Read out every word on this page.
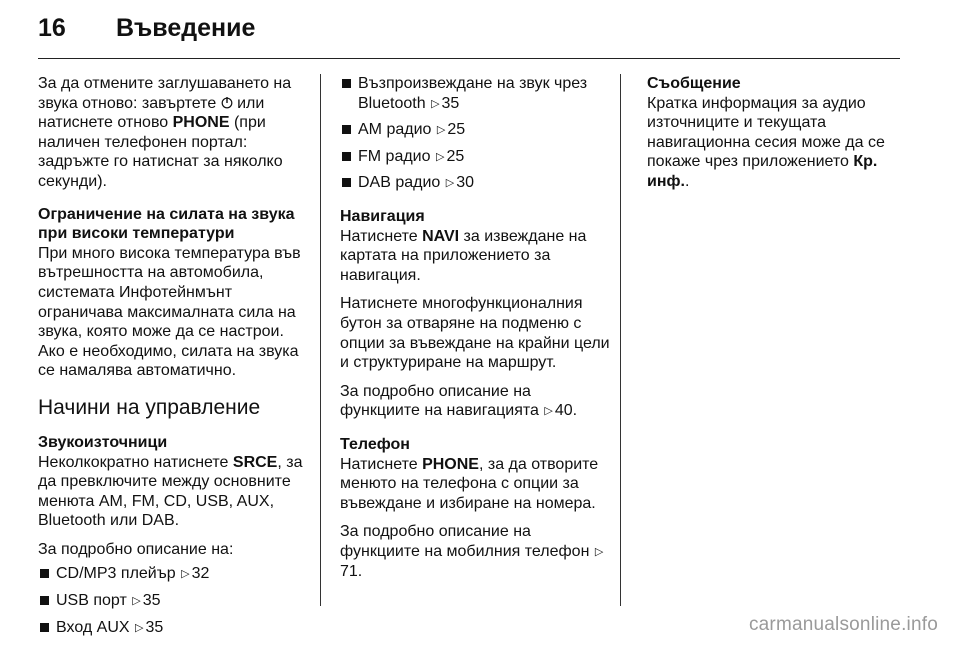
16 Въведение

За да отмените заглушаването на звука отново: завъртете  или натиснете отново PHONE (при наличен телефонен портал: задръжте го натиснат за няколко секунди).

Ограничение на силата на звука при високи температури

При много висока температура във вътрешността на автомобила, системата Инфотейнмънт ограничава максималната сила на звука, която може да се настрои. Ако е необходимо, силата на звука се намалява автоматично.

Начини на управление

Звукоизточници

Неколкократно натиснете SRCE, за да превключите между основните менюта AM, FM, CD, USB, AUX, Bluetooth или DAB.

За подробно описание на:

CD/MP3 плейър ▷ 32
USB порт ▷ 35
Вход AUX ▷ 35
Възпроизвеждане на звук чрез Bluetooth ▷ 35
AM радио ▷ 25
FM радио ▷ 25
DAB радио ▷ 30

Навигация

Натиснете NAVI за извеждане на картата на приложението за навигация.

Натиснете многофункционалния бутон за отваряне на подменю с опции за въвеждане на крайни цели и структуриране на маршрут.

За подробно описание на функциите на навигацията ▷ 40.

Телефон

Натиснете PHONE, за да отворите менюто на телефона с опции за въвеждане и избиране на номера.

За подробно описание на функциите на мобилния телефон ▷71.

Съобщение

Кратка информация за аудио източниците и текущата навигационна сесия може да се покаже чрез приложението Кр. инф..

carmanualsonline.info
